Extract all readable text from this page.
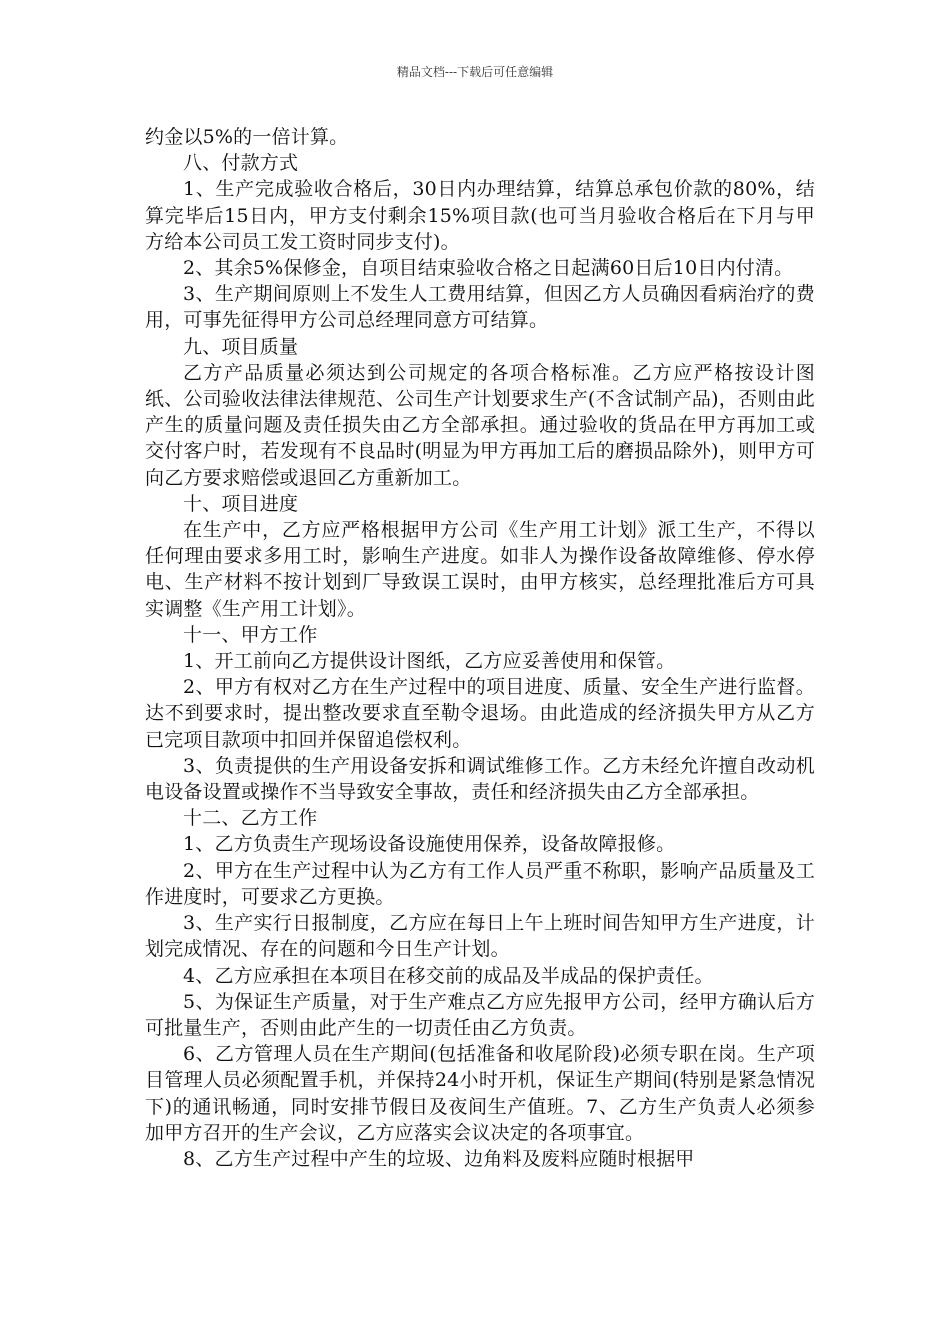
精品文档---下载后可任意编辑

约金以5%的一倍计算。

八、付款方式

1、生产完成验收合格后，30日内办理结算，结算总承包价款的80%，结算完毕后15日内，甲方支付剩余15%项目款(也可当月验收合格后在下月与甲方给本公司员工发工资时同步支付)。

2、其余5%保修金，自项目结束验收合格之日起满60日后10日内付清。

3、生产期间原则上不发生人工费用结算，但因乙方人员确因看病治疗的费用，可事先征得甲方公司总经理同意方可结算。

九、项目质量

乙方产品质量必须达到公司规定的各项合格标准。乙方应严格按设计图纸、公司验收法律法律规范、公司生产计划要求生产(不含试制产品)，否则由此产生的质量问题及责任损失由乙方全部承担。通过验收的货品在甲方再加工或交付客户时，若发现有不良品时(明显为甲方再加工后的磨损品除外)，则甲方可向乙方要求赔偿或退回乙方重新加工。

十、项目进度

在生产中，乙方应严格根据甲方公司《生产用工计划》派工生产，不得以任何理由要求多用工时，影响生产进度。如非人为操作设备故障维修、停水停电、生产材料不按计划到厂导致误工误时，由甲方核实，总经理批准后方可具实调整《生产用工计划》。

十一、甲方工作

1、开工前向乙方提供设计图纸，乙方应妥善使用和保管。

2、甲方有权对乙方在生产过程中的项目进度、质量、安全生产进行监督。达不到要求时，提出整改要求直至勒令退场。由此造成的经济损失甲方从乙方已完项目款项中扣回并保留追偿权利。

3、负责提供的生产用设备安拆和调试维修工作。乙方未经允许擅自改动机电设备设置或操作不当导致安全事故，责任和经济损失由乙方全部承担。

十二、乙方工作

1、乙方负责生产现场设备设施使用保养，设备故障报修。

2、甲方在生产过程中认为乙方有工作人员严重不称职，影响产品质量及工作进度时，可要求乙方更换。

3、生产实行日报制度，乙方应在每日上午上班时间告知甲方生产进度，计划完成情况、存在的问题和今日生产计划。

4、乙方应承担在本项目在移交前的成品及半成品的保护责任。

5、为保证生产质量，对于生产难点乙方应先报甲方公司，经甲方确认后方可批量生产，否则由此产生的一切责任由乙方负责。

6、乙方管理人员在生产期间(包括准备和收尾阶段)必须专职在岗。生产项目管理人员必须配置手机，并保持24小时开机，保证生产期间(特别是紧急情况下)的通讯畅通，同时安排节假日及夜间生产值班。7、乙方生产负责人必须参加甲方召开的生产会议，乙方应落实会议决定的各项事宜。

8、乙方生产过程中产生的垃圾、边角料及废料应随时根据甲
